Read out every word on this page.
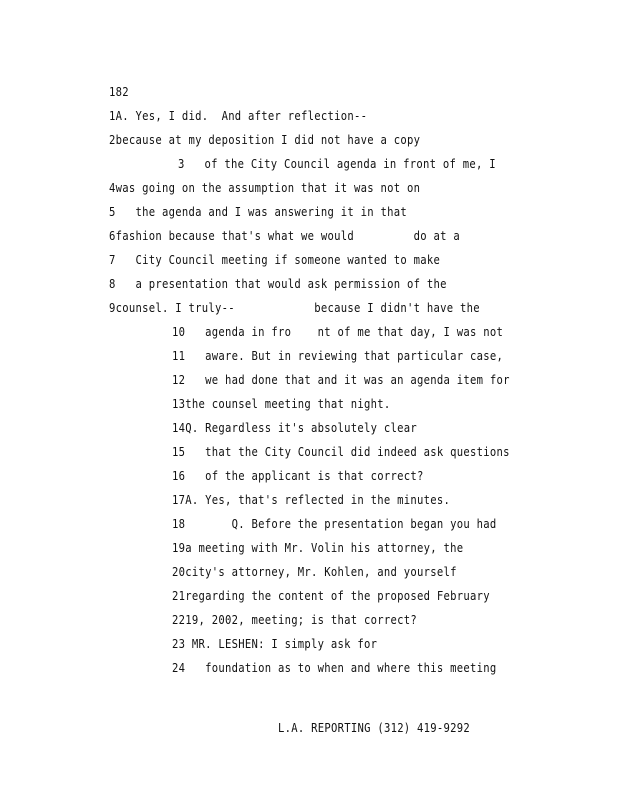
182
1A. Yes, I did.  And after reflection--
2because at my deposition I did not have a copy
3   of the City Council agenda in front of me, I
4was going on the assumption that it was not on
5   the agenda and I was answering it in that
6fashion because that's what we would         do at a
7   City Council meeting if someone wanted to make
8   a presentation that would ask permission of the
9counsel. I truly--            because I didn't have the
10   agenda in fro    nt of me that day, I was not
11   aware. But in reviewing that particular case,
12   we had done that and it was an agenda item for
13the counsel meeting that night.
14Q. Regardless it's absolutely clear
15   that the City Council did indeed ask questions
16   of the applicant is that correct?
17A. Yes, that's reflected in the minutes.
18       Q. Before the presentation began you had
19a meeting with Mr. Volin his attorney, the
20city's attorney, Mr. Kohlen, and yourself
21regarding the content of the proposed February
2219, 2002, meeting; is that correct?
23 MR. LESHEN: I simply ask for
24   foundation as to when and where this meeting
L.A. REPORTING (312) 419-9292
